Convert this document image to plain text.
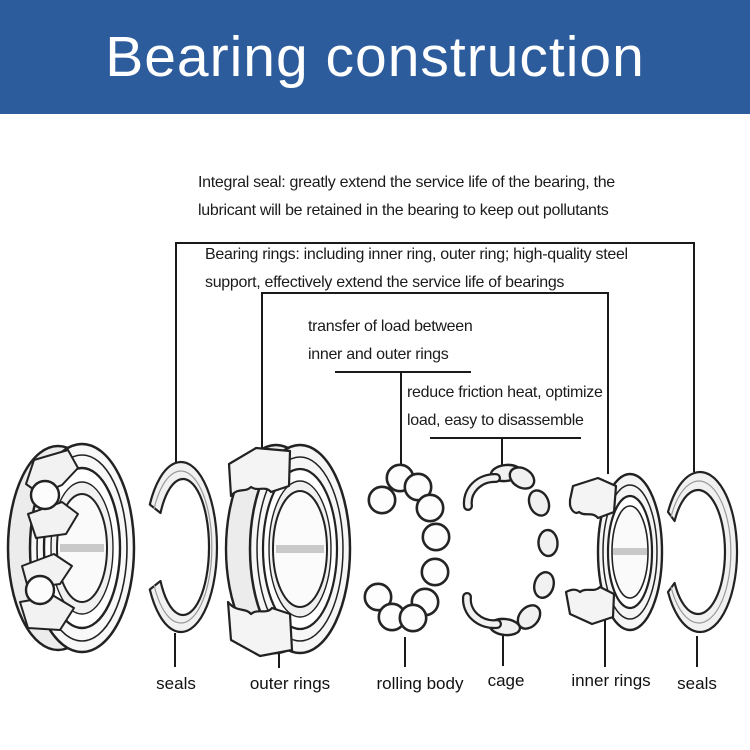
Bearing construction
Integral seal: greatly extend the service life of the bearing, the
lubricant will be retained in the bearing to keep out pollutants
Bearing rings: including inner ring, outer ring; high-quality steel
support, effectively extend the service life of bearings
transfer of load between
inner and outer rings
reduce friction heat, optimize
load, easy to disassemble
seals	outer rings	rolling body cage	inner rings seals
